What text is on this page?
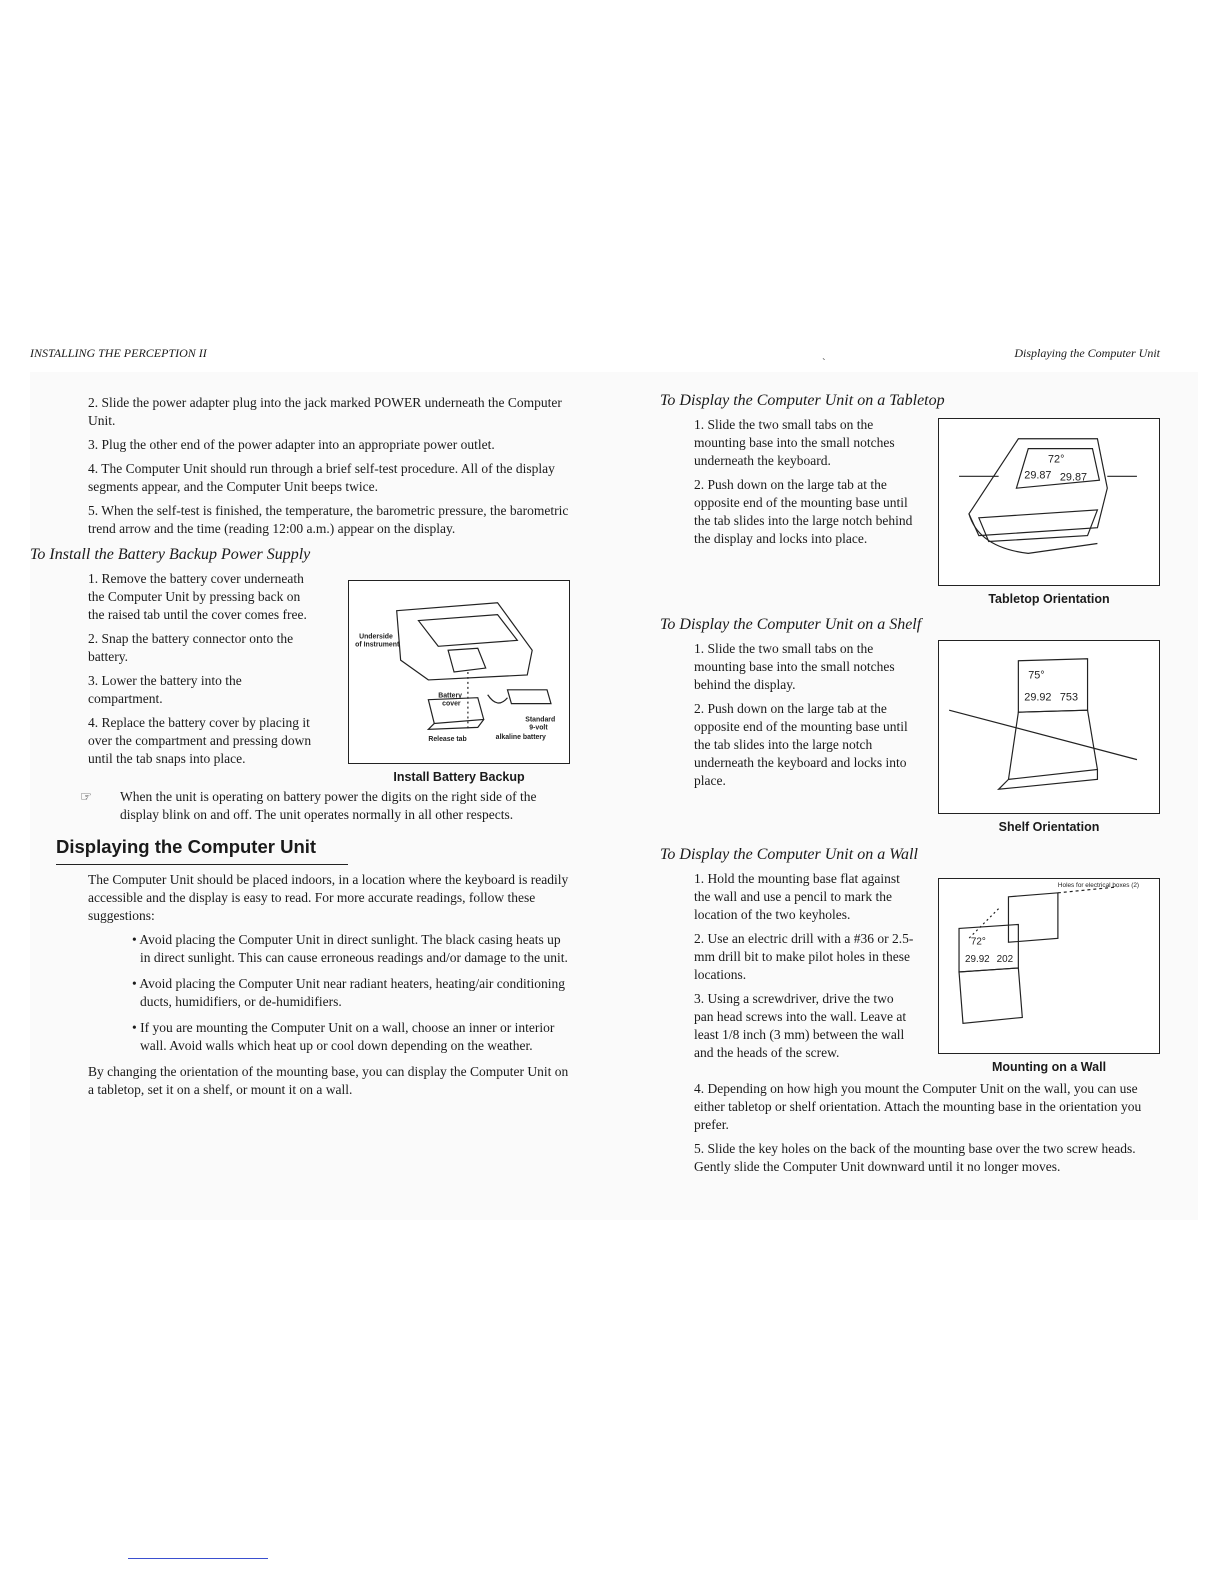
INSTALLING THE PERCEPTION II
`
Displaying the Computer Unit

2. Slide the power adapter plug into the jack marked POWER underneath the Computer Unit.

3. Plug the other end of the power adapter into an appropriate power outlet.

4. The Computer Unit should run through a brief self-test procedure. All of the display segments appear, and the Computer Unit beeps twice.

5. When the self-test is finished, the temperature, the barometric pressure, the barometric trend arrow and the time (reading 12:00 a.m.) appear on the display.

To Install the Battery Backup Power Supply

1. Remove the battery cover underneath the Computer Unit by pressing back on the raised tab until the cover comes free.

2. Snap the battery connector onto the battery.

3. Lower the battery into the compartment.

4. Replace the battery cover by placing it over the compartment and pressing down until the tab snaps into place.

Underside
of Instrument
Battery
cover
Release tab
Standard
9-volt
alkaline battery
Install Battery Backup
☞	When the unit is operating on battery power the digits on the right side of the display blink on and off. The unit operates normally in all other respects.
Displaying the Computer Unit

The Computer Unit should be placed indoors, in a location where the keyboard is readily accessible and the display is easy to read. For more accurate readings, follow these suggestions:

• Avoid placing the Computer Unit in direct sunlight. The black casing heats up in direct sunlight. This can cause erroneous readings and/or damage to the unit.

• Avoid placing the Computer Unit near radiant heaters, heating/air conditioning ducts, humidifiers, or de-humidifiers.

• If you are mounting the Computer Unit on a wall, choose an inner or interior wall. Avoid walls which heat up or cool down depending on the weather.

By changing the orientation of the mounting base, you can display the Computer Unit on a tabletop, set it on a shelf, or mount it on a wall.

To Display the Computer Unit on a Tabletop

1. Slide the two small tabs on the mounting base into the small notches underneath the keyboard.

2. Push down on the large tab at the opposite end of the mounting base until the tab slides into the large notch behind the display and locks into place.

72°
29.87 29.87
Tabletop Orientation

To Display the Computer Unit on a Shelf

1. Slide the two small tabs on the mounting base into the small notches behind the display.

2. Push down on the large tab at the opposite end of the mounting base until the tab slides into the large notch underneath the keyboard and locks into place.

75°
29.92 753
Shelf Orientation

To Display the Computer Unit on a Wall

1. Hold the mounting base flat against the wall and use a pencil to mark the location of the two keyholes.

2. Use an electric drill with a #36 or 2.5-mm drill bit to make pilot holes in these locations.

3. Using a screwdriver, drive the two pan head screws into the wall. Leave at least 1/8 inch (3 mm) between the wall and the heads of the screw.

Holes for electrical boxes (2)
72°
29.92 202
Mounting on a Wall

4. Depending on how high you mount the Computer Unit on the wall, you can use either tabletop or shelf orientation. Attach the mounting base in the orientation you prefer.

5. Slide the key holes on the back of the mounting base over the two screw heads. Gently slide the Computer Unit downward until it no longer moves.
